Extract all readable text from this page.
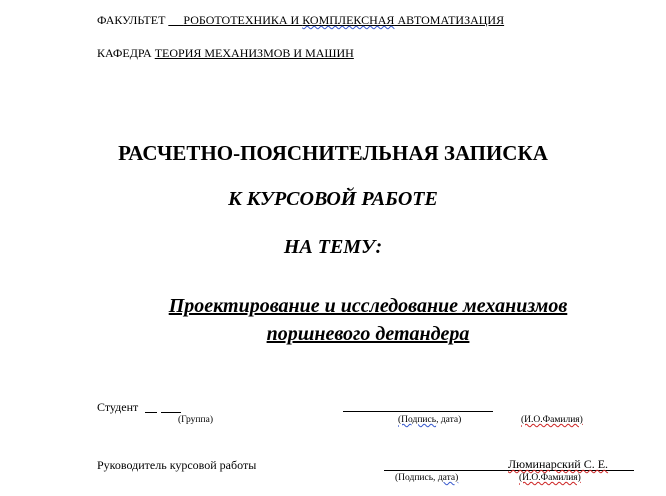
ФАКУЛЬТЕТ __ РОБОТОТЕХНИКА И КОМПЛЕКСНАЯ АВТОМАТИЗАЦИЯ
КАФЕДРА ТЕОРИЯ МЕХАНИЗМОВ И МАШИН
РАСЧЕТНО-ПОЯСНИТЕЛЬНАЯ ЗАПИСКА
К КУРСОВОЙ РАБОТЕ
НА ТЕМУ:
Проектирование и исследование механизмов
поршневого детандера
Студент
(Группа)	(Подпись, дата)	(И.О.Фамилия)
Руководитель курсовой работы	Люминарский С. Е.
(Подпись, дата)	(И.О.Фамилия)
